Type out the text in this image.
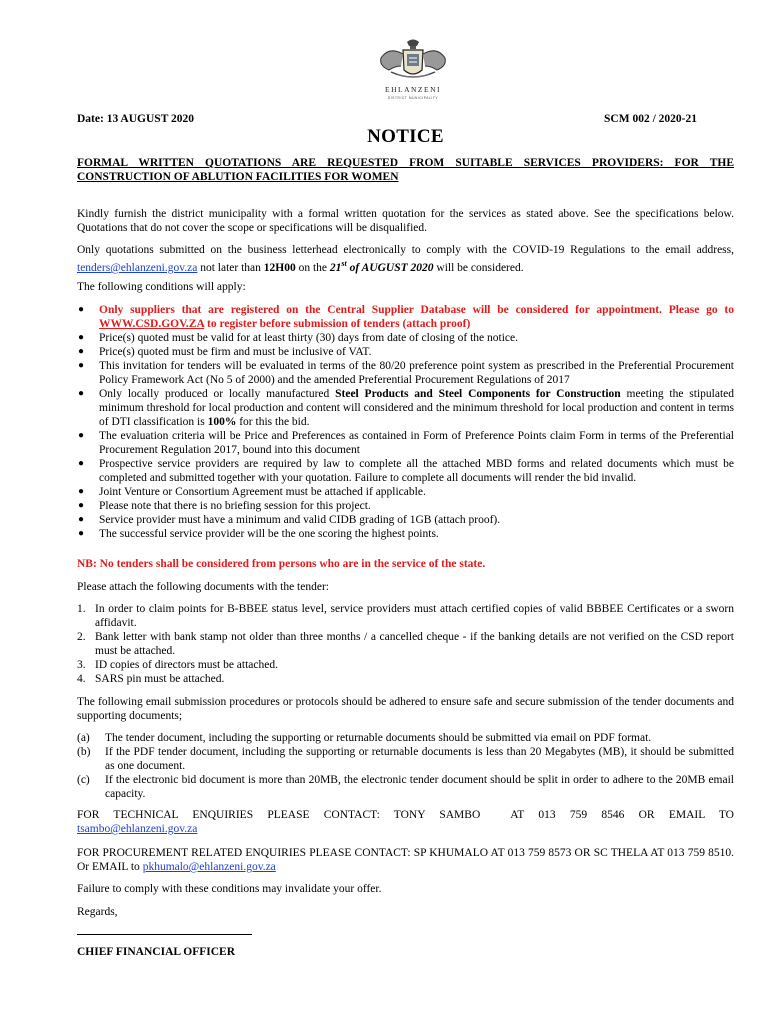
EHLANZENI
DISTRICT MUNICIPALITY
Date: 13 AUGUST 2020	SCM 002 / 2020-21
NOTICE
FORMAL WRITTEN QUOTATIONS ARE REQUESTED FROM SUITABLE SERVICES PROVIDERS: FOR THE CONSTRUCTION OF ABLUTION FACILITIES FOR WOMEN
Kindly furnish the district municipality with a formal written quotation for the services as stated above. See the specifications below. Quotations that do not cover the scope or specifications will be disqualified.
Only quotations submitted on the business letterhead electronically to comply with the COVID-19 Regulations to the email address, tenders@ehlanzeni.gov.za not later than 12H00 on the 21st of AUGUST 2020 will be considered.
The following conditions will apply:
● Only suppliers that are registered on the Central Supplier Database will be considered for appointment. Please go to WWW.CSD.GOV.ZA to register before submission of tenders (attach proof)
● Price(s) quoted must be valid for at least thirty (30) days from date of closing of the notice.
● Price(s) quoted must be firm and must be inclusive of VAT.
● This invitation for tenders will be evaluated in terms of the 80/20 preference point system as prescribed in the Preferential Procurement Policy Framework Act (No 5 of 2000) and the amended Preferential Procurement Regulations of 2017
● Only locally produced or locally manufactured Steel Products and Steel Components for Construction meeting the stipulated minimum threshold for local production and content will considered and the minimum threshold for local production and content in terms of DTI classification is 100% for this the bid.
● The evaluation criteria will be Price and Preferences as contained in Form of Preference Points claim Form in terms of the Preferential Procurement Regulation 2017, bound into this document
● Prospective service providers are required by law to complete all the attached MBD forms and related documents which must be completed and submitted together with your quotation. Failure to complete all documents will render the bid invalid.
● Joint Venture or Consortium Agreement must be attached if applicable.
● Please note that there is no briefing session for this project.
● Service provider must have a minimum and valid CIDB grading of 1GB (attach proof).
● The successful service provider will be the one scoring the highest points.
NB: No tenders shall be considered from persons who are in the service of the state.
Please attach the following documents with the tender:
1. In order to claim points for B-BBEE status level, service providers must attach certified copies of valid BBBEE Certificates or a sworn affidavit.
2. Bank letter with bank stamp not older than three months / a cancelled cheque - if the banking details are not verified on the CSD report must be attached.
3. ID copies of directors must be attached.
4. SARS pin must be attached.
The following email submission procedures or protocols should be adhered to ensure safe and secure submission of the tender documents and supporting documents;
(a) The tender document, including the supporting or returnable documents should be submitted via email on PDF format.
(b) If the PDF tender document, including the supporting or returnable documents is less than 20 Megabytes (MB), it should be submitted as one document.
(c) If the electronic bid document is more than 20MB, the electronic tender document should be split in order to adhere to the 20MB email capacity.
FOR TECHNICAL ENQUIRIES PLEASE CONTACT: TONY SAMBO	AT 013 759 8546 OR EMAIL TO
tsambo@ehlanzeni.gov.za
FOR PROCUREMENT RELATED ENQUIRIES PLEASE CONTACT: SP KHUMALO AT 013 759 8573 OR SC THELA AT 013 759 8510. Or EMAIL to pkhumalo@ehlanzeni.gov.za
Failure to comply with these conditions may invalidate your offer.
Regards,
CHIEF FINANCIAL OFFICER
